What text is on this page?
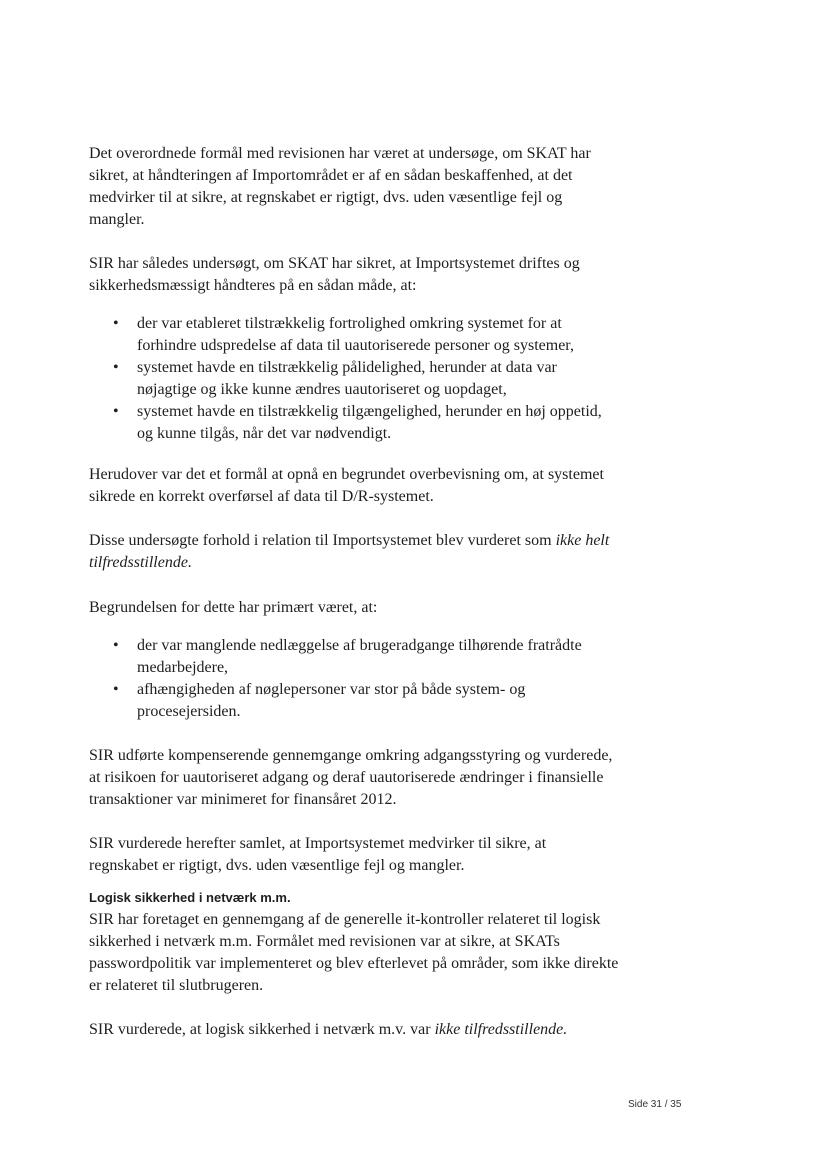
Det overordnede formål med revisionen har været at undersøge, om SKAT har sikret, at håndteringen af Importområdet er af en sådan beskaffenhed, at det medvirker til at sikre, at regnskabet er rigtigt, dvs. uden væsentlige fejl og mangler.

SIR har således undersøgt, om SKAT har sikret, at Importsystemet driftes og sikkerhedsmæssigt håndteres på en sådan måde, at:

• der var etableret tilstrækkelig fortrolighed omkring systemet for at forhindre udspredelse af data til uautoriserede personer og systemer,
• systemet havde en tilstrækkelig pålidelighed, herunder at data var nøjagtige og ikke kunne ændres uautoriseret og uopdaget,
• systemet havde en tilstrækkelig tilgængelighed, herunder en høj oppetid, og kunne tilgås, når det var nødvendigt.

Herudover var det et formål at opnå en begrundet overbevisning om, at systemet sikrede en korrekt overførsel af data til D/R-systemet.

Disse undersøgte forhold i relation til Importsystemet blev vurderet som ikke helt tilfredsstillende.

Begrundelsen for dette har primært været, at:

• der var manglende nedlæggelse af brugeradgange tilhørende fratrådte medarbejdere,
• afhængigheden af nøglepersoner var stor på både system- og procesejersiden.

SIR udførte kompenserende gennemgange omkring adgangsstyring og vurderede, at risikoen for uautoriseret adgang og deraf uautoriserede ændringer i finansielle transaktioner var minimeret for finansåret 2012.

SIR vurderede herefter samlet, at Importsystemet medvirker til sikre, at regnskabet er rigtigt, dvs. uden væsentlige fejl og mangler.

Logisk sikkerhed i netværk m.m.

SIR har foretaget en gennemgang af de generelle it-kontroller relateret til logisk sikkerhed i netværk m.m. Formålet med revisionen var at sikre, at SKATs passwordpolitik var implementeret og blev efterlevet på områder, som ikke direkte er relateret til slutbrugeren.

SIR vurderede, at logisk sikkerhed i netværk m.v. var ikke tilfredsstillende.

Side 31 / 35
